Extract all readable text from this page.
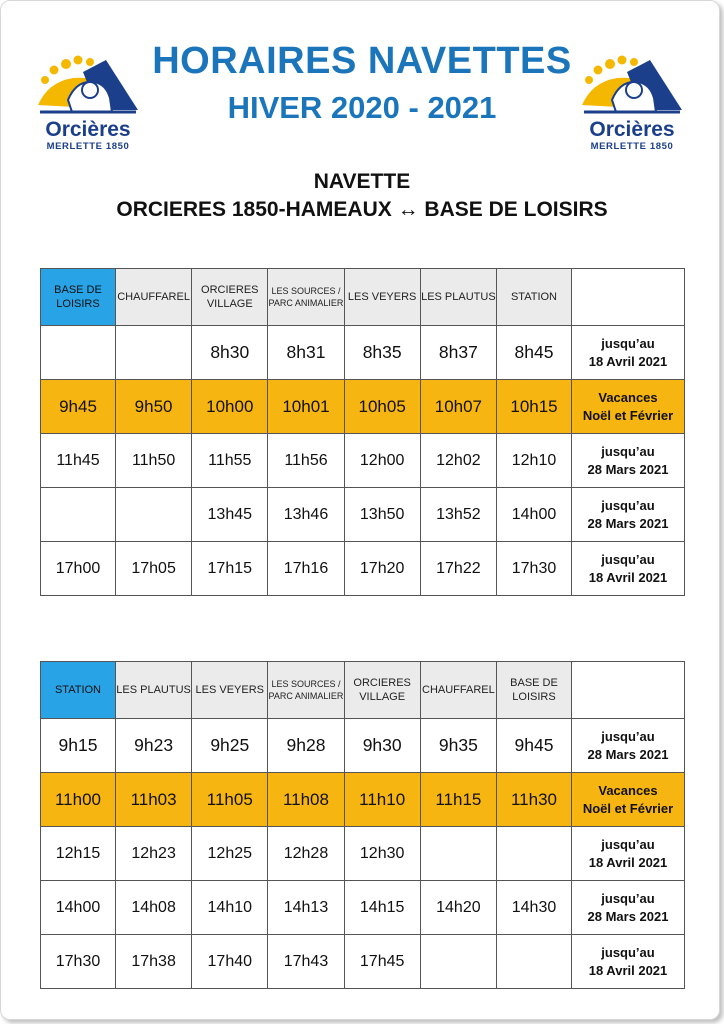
Orcières
MERLETTE 1850
Orcières
MERLETTE 1850
HORAIRES NAVETTES
HIVER 2020 - 2021
NAVETTE
ORCIERES 1850-HAMEAUX ↔ BASE DE LOISIRS
BASE DE
LOISIRS	CHAUFFAREL	ORCIERES
VILLAGE	LES SOURCES /
PARC ANIMALIER	LES VEYERS	LES PLAUTUS	STATION	
		8h30	8h31	8h35	8h37	8h45	jusqu’au
18 Avril 2021
9h45	9h50	10h00	10h01	10h05	10h07	10h15	Vacances
Noël et Février
11h45	11h50	11h55	11h56	12h00	12h02	12h10	jusqu’au
28 Mars 2021
		13h45	13h46	13h50	13h52	14h00	jusqu’au
28 Mars 2021
17h00	17h05	17h15	17h16	17h20	17h22	17h30	jusqu’au
18 Avril 2021
STATION	LES PLAUTUS	LES VEYERS	LES SOURCES /
PARC ANIMALIER	ORCIERES
VILLAGE	CHAUFFAREL	BASE DE
LOISIRS	
9h15	9h23	9h25	9h28	9h30	9h35	9h45	jusqu’au
28 Mars 2021
11h00	11h03	11h05	11h08	11h10	11h15	11h30	Vacances
Noël et Février
12h15	12h23	12h25	12h28	12h30			jusqu’au
18 Avril 2021
14h00	14h08	14h10	14h13	14h15	14h20	14h30	jusqu’au
28 Mars 2021
17h30	17h38	17h40	17h43	17h45			jusqu’au
18 Avril 2021
